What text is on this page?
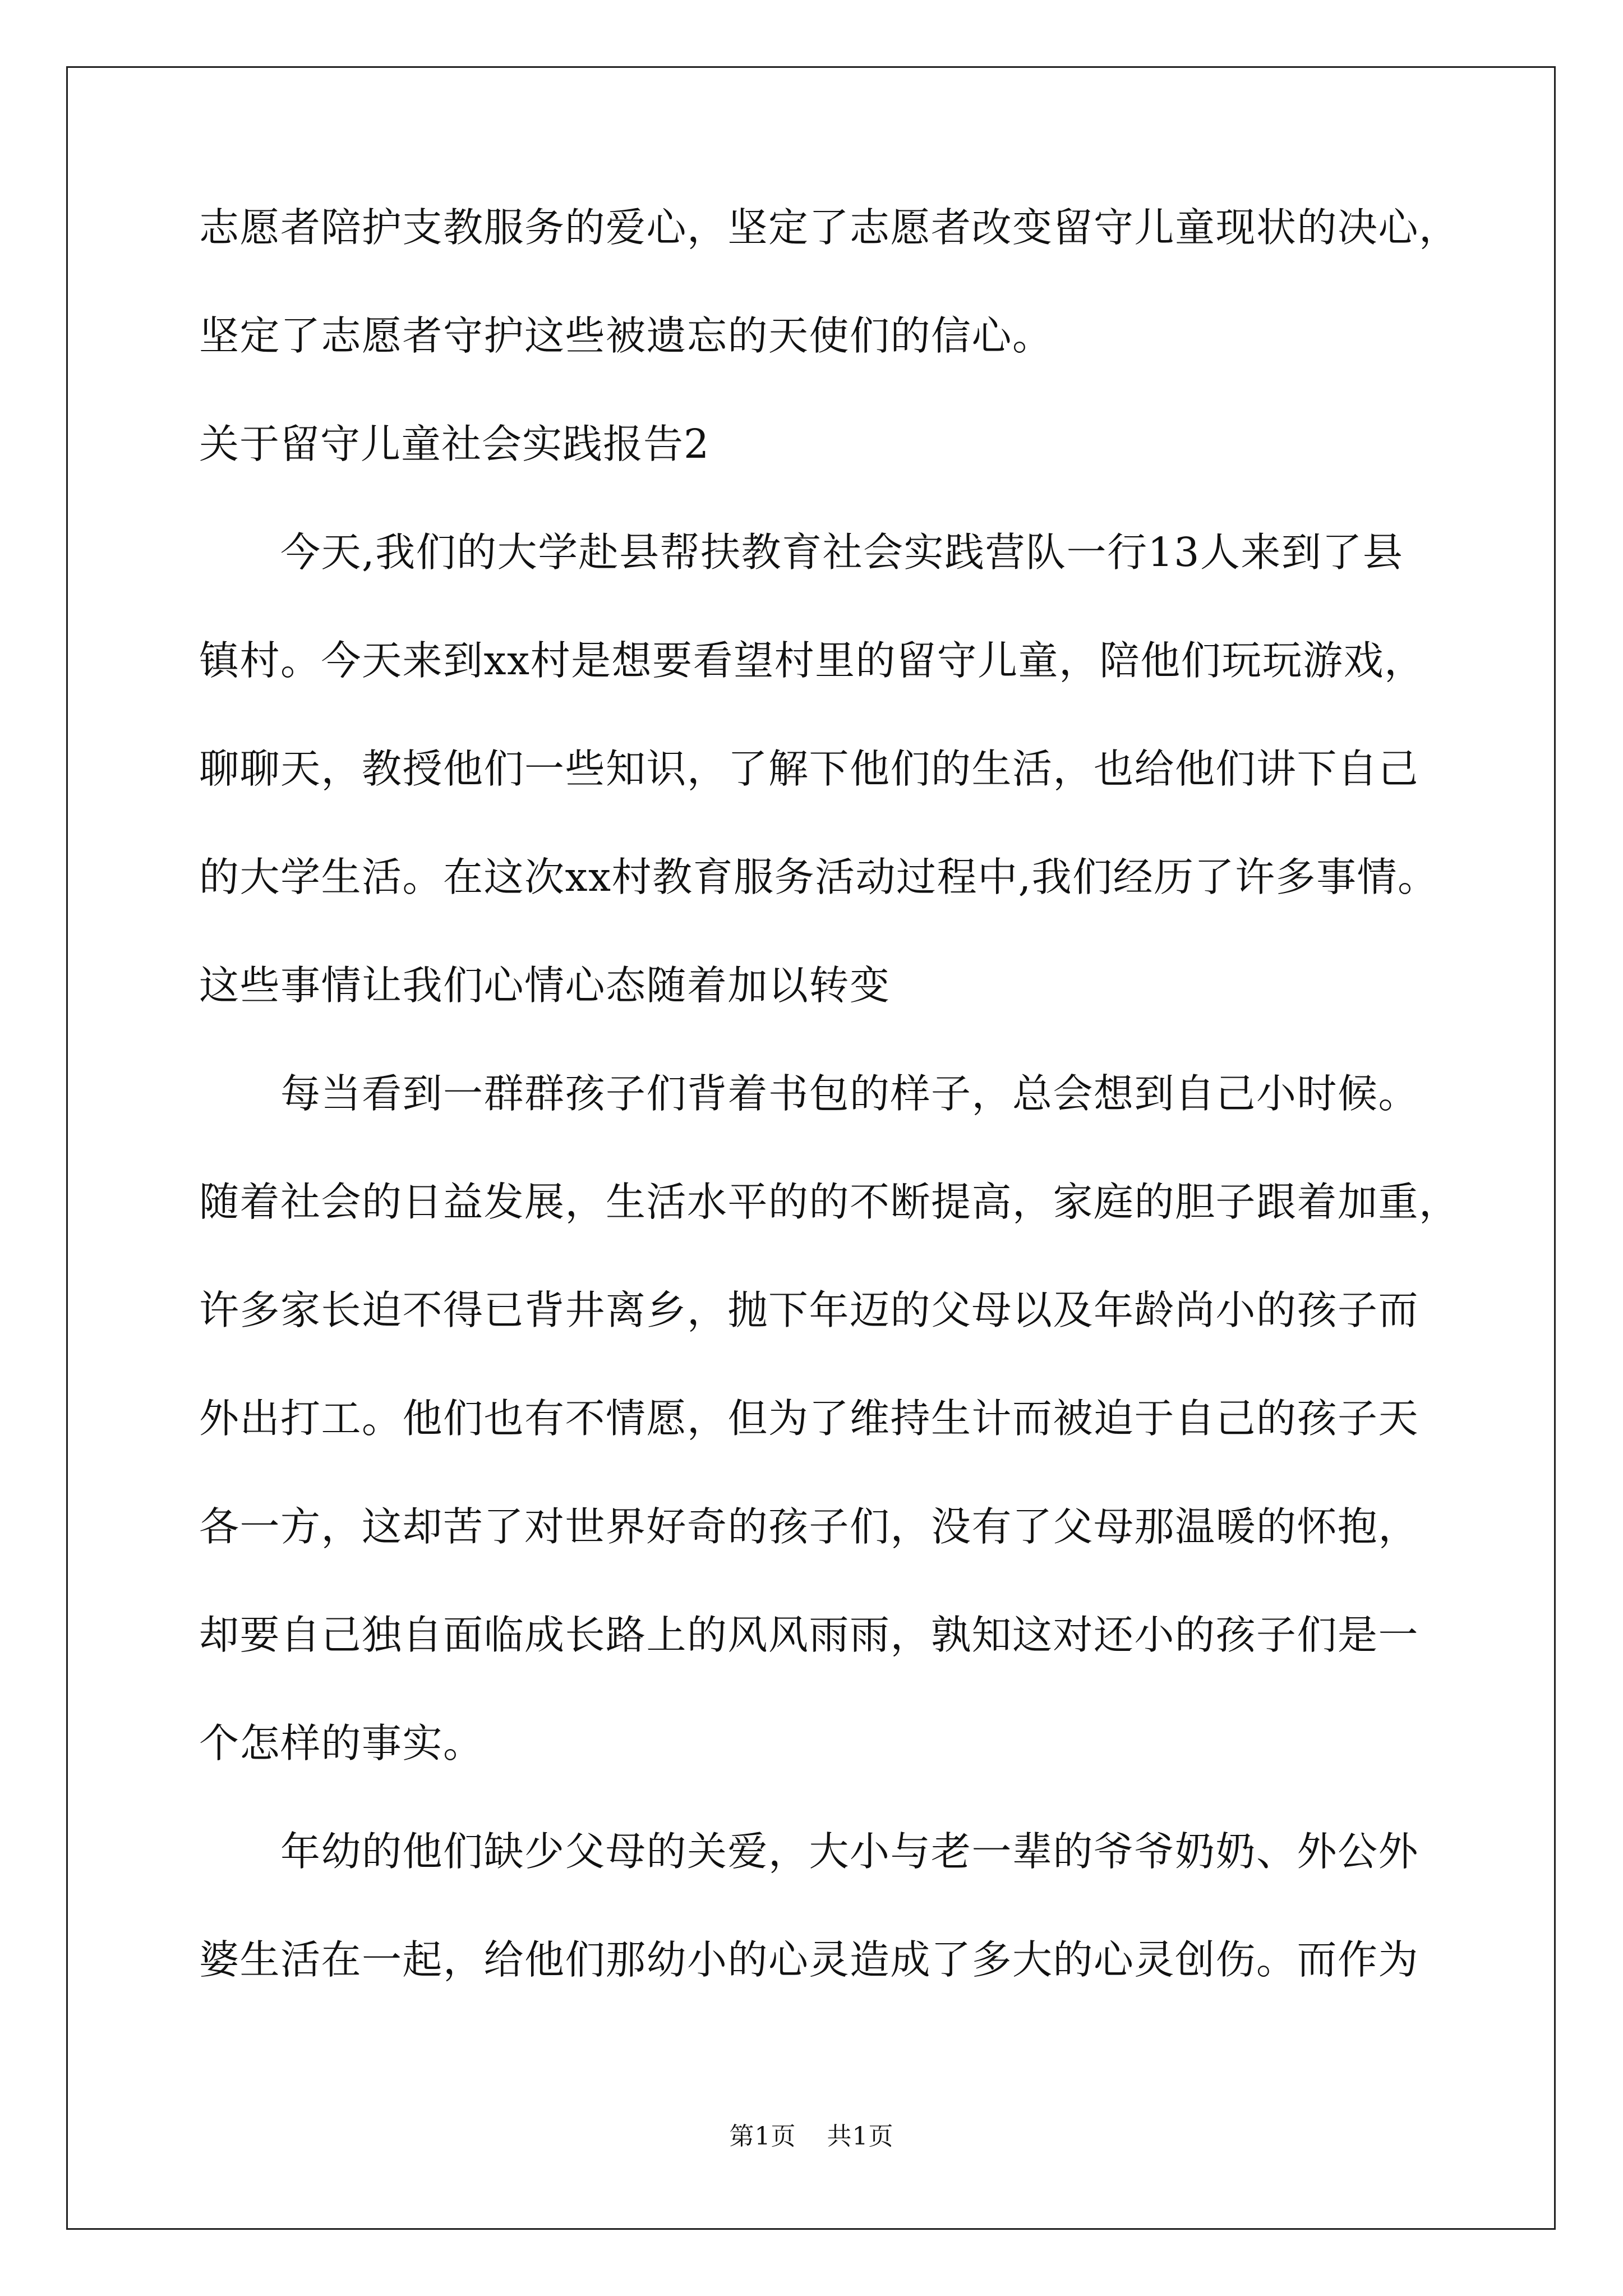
志愿者陪护支教服务的爱心，坚定了志愿者改变留守儿童现状的决心，
坚定了志愿者守护这些被遗忘的天使们的信心。
关于留守儿童社会实践报告2
今天,我们的大学赴县帮扶教育社会实践营队一行13人来到了县
镇村。今天来到xx村是想要看望村里的留守儿童，陪他们玩玩游戏，
聊聊天，教授他们一些知识，了解下他们的生活，也给他们讲下自己
的大学生活。在这次xx村教育服务活动过程中,我们经历了许多事情。
这些事情让我们心情心态随着加以转变
每当看到一群群孩子们背着书包的样子，总会想到自己小时候。
随着社会的日益发展，生活水平的的不断提高，家庭的胆子跟着加重，
许多家长迫不得已背井离乡，抛下年迈的父母以及年龄尚小的孩子而
外出打工。他们也有不情愿，但为了维持生计而被迫于自己的孩子天
各一方，这却苦了对世界好奇的孩子们，没有了父母那温暖的怀抱，
却要自己独自面临成长路上的风风雨雨，孰知这对还小的孩子们是一
个怎样的事实。
年幼的他们缺少父母的关爱，大小与老一辈的爷爷奶奶、外公外
婆生活在一起，给他们那幼小的心灵造成了多大的心灵创伤。而作为
第1页 共1页
